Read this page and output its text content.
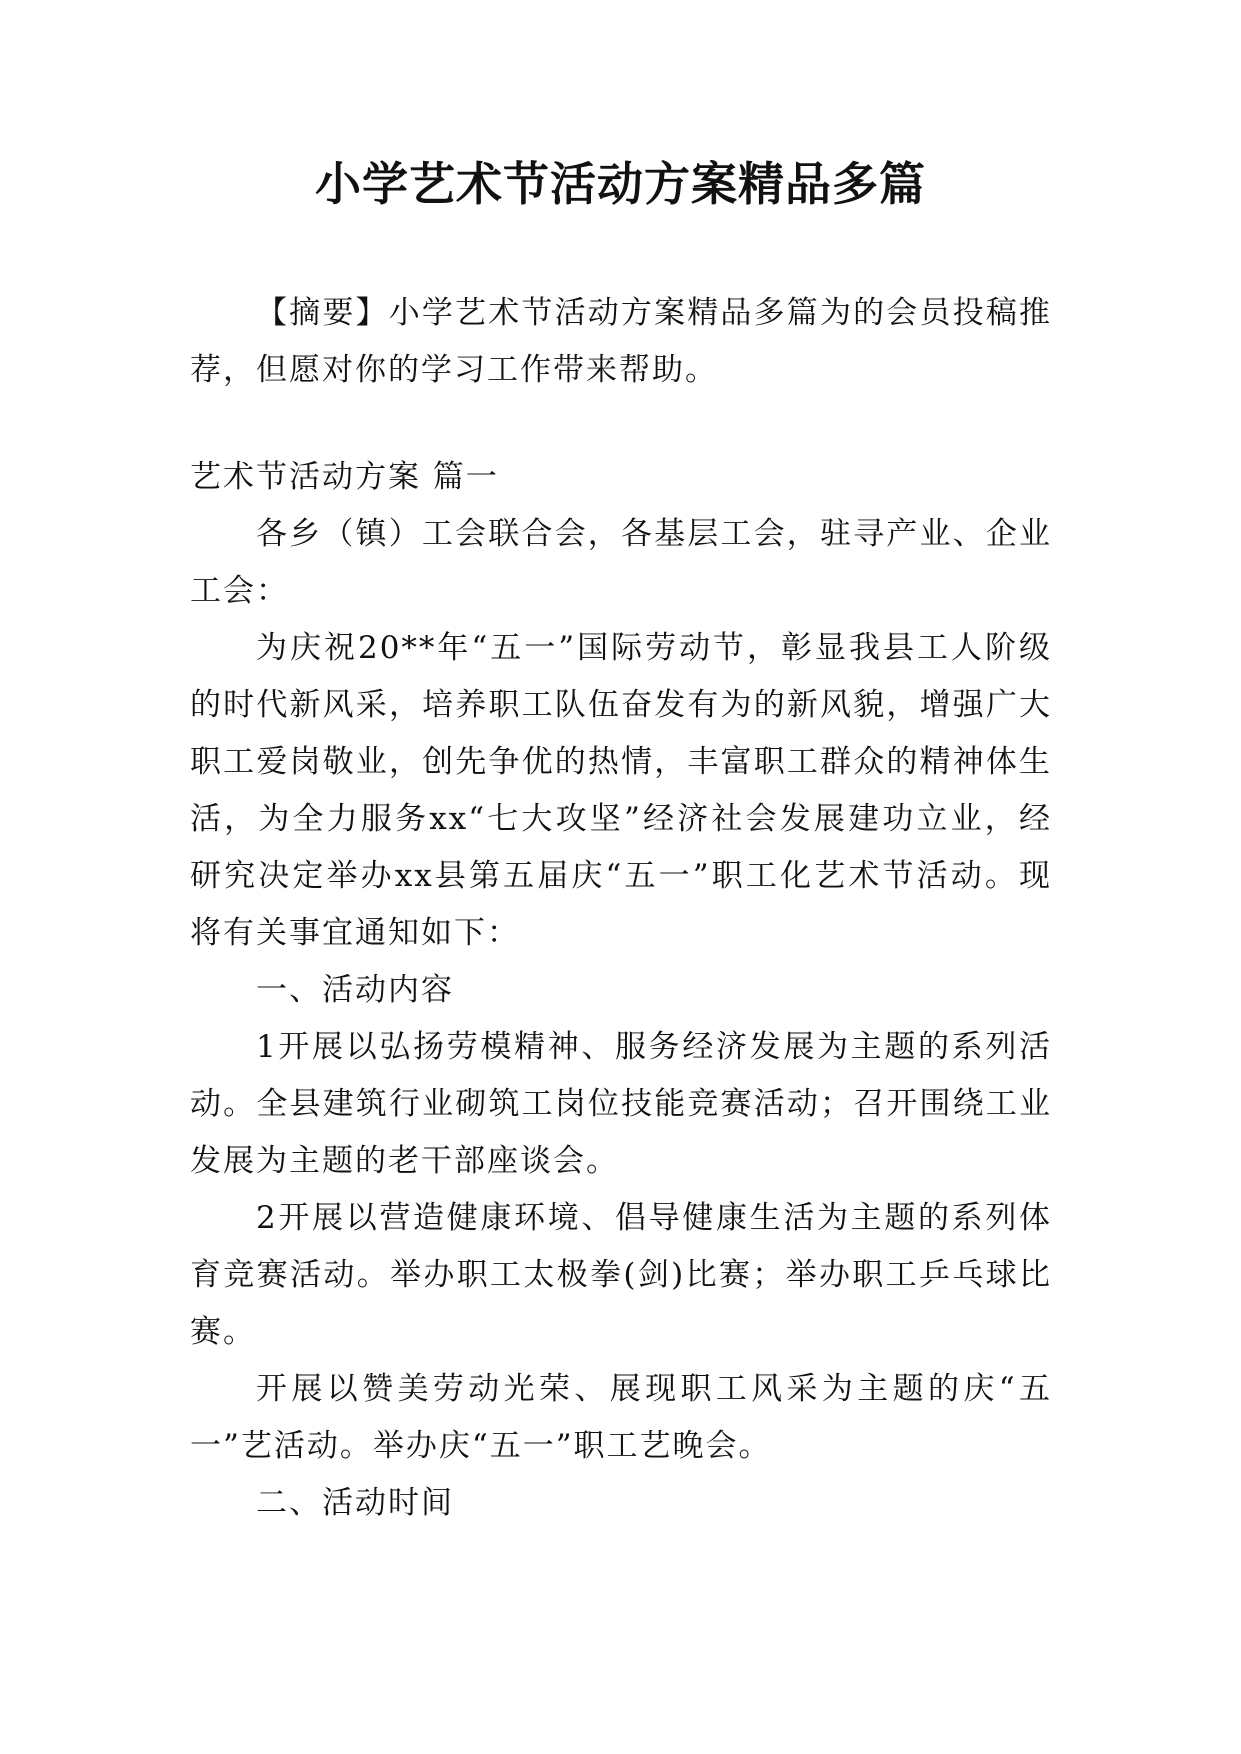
小学艺术节活动方案精品多篇

【摘要】小学艺术节活动方案精品多篇为的会员投稿推荐，但愿对你的学习工作带来帮助。

艺术节活动方案 篇一

各乡（镇）工会联合会，各基层工会，驻寻产业、企业工会：

为庆祝20**年“五一”国际劳动节，彰显我县工人阶级的时代新风采，培养职工队伍奋发有为的新风貌，增强广大职工爱岗敬业，创先争优的热情，丰富职工群众的精神体生活，为全力服务xx“七大攻坚”经济社会发展建功立业，经研究决定举办xx县第五届庆“五一”职工化艺术节活动。现将有关事宜通知如下：

一、活动内容

1开展以弘扬劳模精神、服务经济发展为主题的系列活动。全县建筑行业砌筑工岗位技能竞赛活动；召开围绕工业发展为主题的老干部座谈会。

2开展以营造健康环境、倡导健康生活为主题的系列体育竞赛活动。举办职工太极拳(剑)比赛；举办职工乒乓球比赛。

开展以赞美劳动光荣、展现职工风采为主题的庆“五一”艺活动。举办庆“五一”职工艺晚会。

二、活动时间
